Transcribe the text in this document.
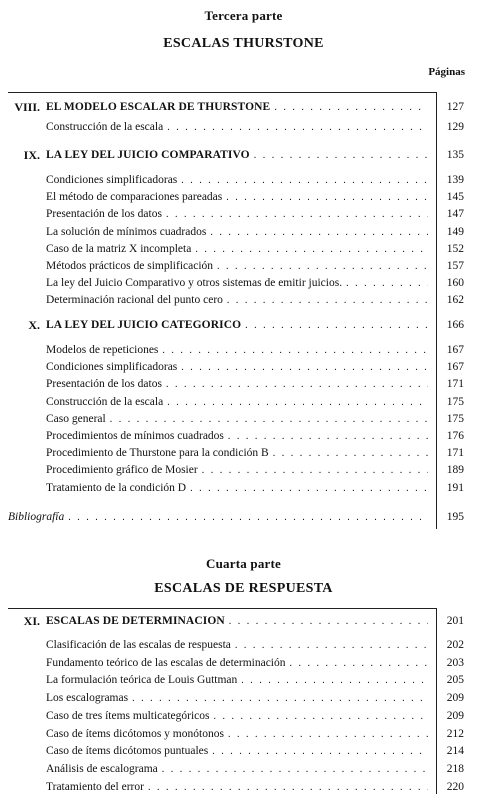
Tercera parte
ESCALAS THURSTONE
Páginas
VIII. EL MODELO ESCALAR DE THURSTONE . . .	127
Construcción de la escala . . .	129
IX. LA LEY DEL JUICIO COMPARATIVO . . .	135
Condiciones simplificadoras . . .	139
El método de comparaciones pareadas . . .	145
Presentación de los datos . . .	147
La solución de mínimos cuadrados . . .	149
Caso de la matriz X incompleta . . .	152
Métodos prácticos de simplificación . . .	157
La ley del Juicio Comparativo y otros sistemas de emitir juicios. . . .	160
Determinación racional del punto cero . . .	162
X. LA LEY DEL JUICIO CATEGORICO . . .	166
Modelos de repeticiones . . .	167
Condiciones simplificadoras . . .	167
Presentación de los datos . . .	171
Construcción de la escala . . .	175
Caso general . . .	175
Procedimientos de mínimos cuadrados . . .	176
Procedimiento de Thurstone para la condición B . . .	171
Procedimiento gráfico de Mosier . . .	189
Tratamiento de la condición D . . .	191
Bibliografía . . .	195
Cuarta parte
ESCALAS DE RESPUESTA
XI. ESCALAS DE DETERMINACION . . .	201
Clasificación de las escalas de respuesta . . .	202
Fundamento teórico de las escalas de determinación . . .	203
La formulación teórica de Louis Guttman . . .	205
Los escalogramas . . .	209
Caso de tres ítems multicategóricos . . .	209
Caso de ítems dicótomos y monótonos . . .	212
Caso de ítems dicótomos puntuales . . .	214
Análisis de escalograma . . .	218
Tratamiento del error . . .	220
